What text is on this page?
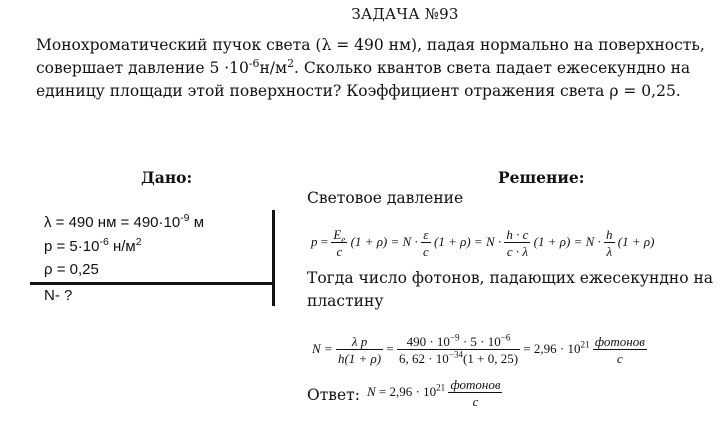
ЗАДАЧА №93
Монохроматический пучок света (λ = 490 нм), падая нормально на поверхность,
совершает давление $5 \cdot 10^{-6}н/м^2$. Сколько квантов света падает ежесекундно на
единицу площади этой поверхности? Коэффициент отражения света ρ = 0,25.
Дано:	Решение:
λ = 490 нм = $490\cdot 10^{-9}$ м
$p = 5\cdot 10^{-6}$ $н/м^2$
ρ = 0,25
N- ?
Световое давление
$p = \frac{E_e}{c} (1 + \rho) = N \cdot \frac{\varepsilon}{c} (1 + \rho) = N \cdot \frac{h \cdot c}{c \cdot \lambda} (1 + \rho) = N \cdot \frac{h}{\lambda} (1 + \rho)$
Тогда число фотонов, падающих ежесекундно на
пластину
$N = \frac{\text{λ p}}{h(1 + \rho)} = \frac{490 \cdot 10^{-9} \cdot 5 \cdot 10^{-6}}{6, 62 \cdot 10^{-34}(1 + 0, 25)} = 2,96 \cdot 10^{21} \frac{\text{фотонов}}{с}$
Ответ: $N = 2,96 \cdot 10^{21} \frac{\text{фотонов}}{с}$
